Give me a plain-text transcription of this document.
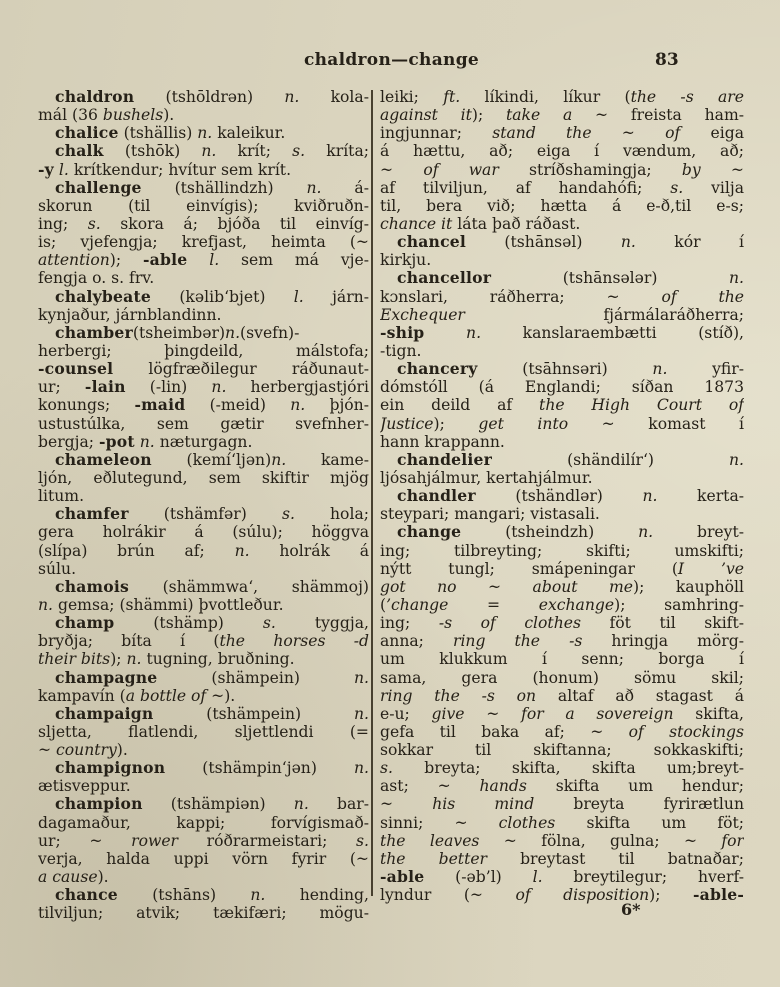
chaldron—change	83
chaldron (tshōldrən) n. kola-
mál (36 bushels).
chalice (tshällis) n. kaleikur.
chalk (tshōk) n. krít; s. kríta;
-y l. krítkendur; hvítur sem krít.
challenge (tshällindzh) n. á-
skorun (til einvígis); kviðruðn-
ing; s. skora á; bjóða til einvíg-
is; vjefengja; krefjast, heimta (~
attention); -able l. sem má vje-
fengja o. s. frv.
chalybeate (kəlib‘bjet) l. járn-
kynjaður, járnblandinn.
chamber(tsheimbər)n.(svefn)-
herbergi; þingdeild, málstofa;
-counsel lögfræðilegur ráðunaut-
ur; -lain (-lin) n. herbergjastjóri
konungs; -maid (-meid) n. þjón-
ustustúlka, sem gætir svefnher-
bergja; -pot n. næturgagn.
chameleon (kemí‘ljən)n. kame-
ljón, eðlutegund, sem skiftir mjög
litum.
chamfer (tshämfər) s. hola;
gera holrákir á (súlu); höggva
(slípa) brún af; n. holrák á
súlu.
chamois (shämmwa‘, shämmoj)
n. gemsa; (shämmi) þvottleður.
champ (tshämp) s. tyggja,
bryðja; bíta í (the horses -d
their bits); n. tugning, bruðning.
champagne (shämpein) n.
kampavín (a bottle of ~).
champaign (tshämpein) n.
sljetta, flatlendi, sljettlendi (=
~ country).
champignon (tshämpin‘jən) n.
ætisveppur.
champion (tshämpiən) n. bar-
dagamaður, kappi; forvígismað-
ur; ~ rower róðrarmeistari; s.
verja, halda uppi vörn fyrir (~
a cause).
chance (tshāns) n. hending,
tilviljun; atvik; tækifæri; mögu-
leiki; ft. líkindi, líkur (the -s are
against it); take a ~ freista ham-
ingjunnar; stand the ~ of eiga
á hættu, að; eiga í vændum, að;
~ of war stríðshamingja; by ~
af tilviljun, af handahófi; s. vilja
til, bera við; hætta á e-ð,til e-s;
chance it láta það ráðast.
chancel (tshānsəl) n. kór í
kirkju.
chancellor (tshānsələr) n.
kɔnslari, ráðherra; ~ of the
Exchequer fjármálaráðherra;
-ship	n. kanslaraembætti (stíð),
-tign.
chancery (tsāhnsəri) n. yfir-
dómstóll (á Englandi; síðan 1873
ein deild af the High Court of
Justice); get into ~ komast í
hann krappann.
chandelier (shändilír‘) n.
ljósahjálmur, kertahjálmur.
chandler (tshändlər) n. kerta-
steypari; mangari; vistasali.
change (tsheindzh) n. breyt-
ing; tilbreyting; skifti; umskifti;
nýtt tungl; smápeningar (I ’ve
got no ~ about me); kauphöll
(’change = exchange); samhring-
ing; -s of clothes föt til skift-
anna; ring the -s hringja mörg-
um klukkum í senn; borga í
sama, gera (honum) sömu skil;
ring the -s on altaf að stagast á
e-u; give ~ for a sovereign skifta,
gefa til baka af; ~ of stockings
sokkar til skiftanna; sokkaskifti;
s. breyta; skifta, skifta um;breyt-
ast; ~ hands skifta um hendur;
~ his mind breyta fyrirætlun
sinni; ~ clothes skifta um föt;
the leaves ~ fölna, gulna; ~ for
the better breytast til batnaðar;
-able (-əb’l) l. breytilegur; hverf-
lyndur (~ of disposition); -able-
6*
